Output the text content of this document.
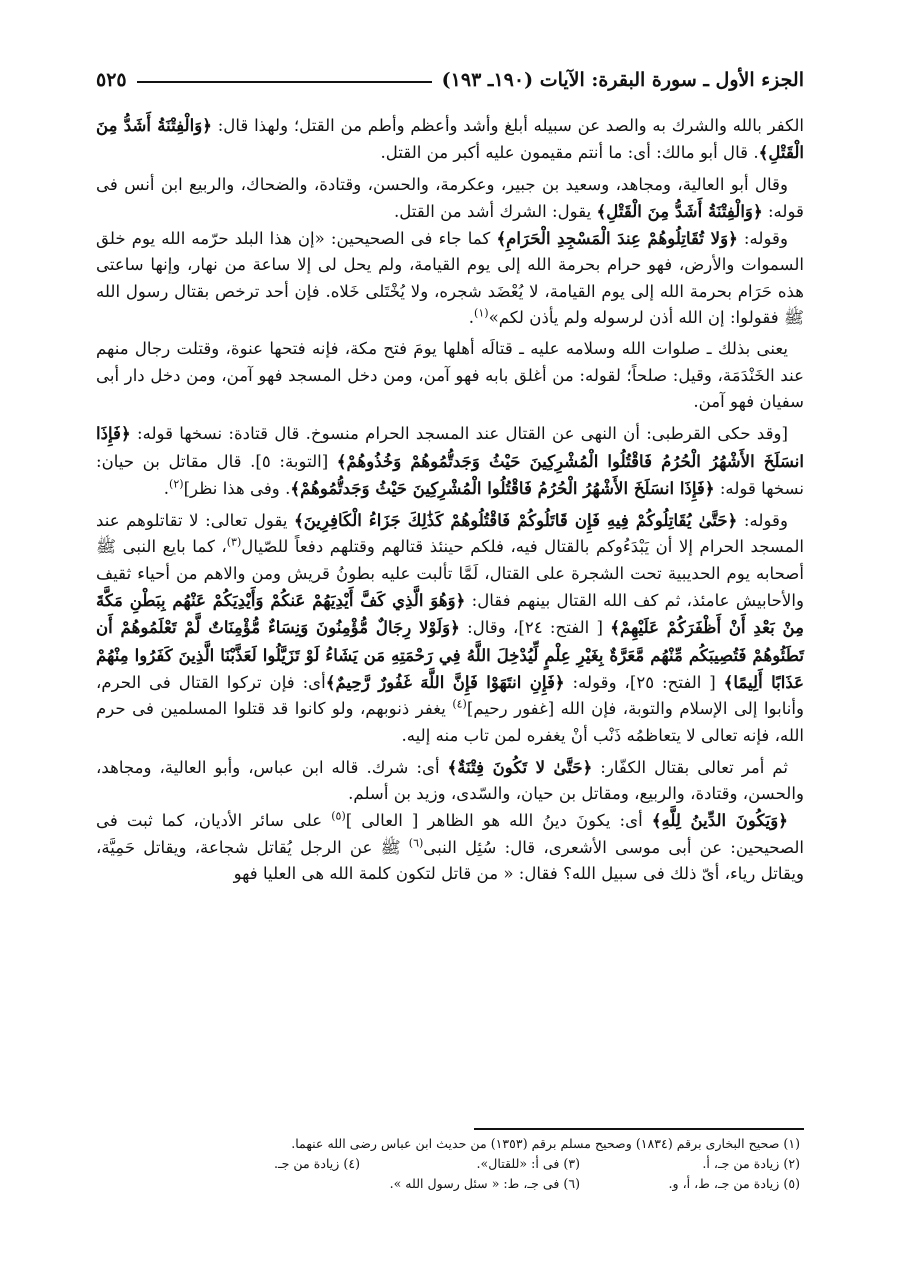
الجزء الأول ـ سورة البقرة: الآيات (١٩٠ـ ١٩٣)
٥٢٥

الكفر بالله والشرك به والصد عن سبيله أبلغ وأشد وأعظم وأطم من القتل؛ ولهذا قال: ﴿وَالْفِتْنَةُ أَشَدُّ مِنَ الْقَتْلِ﴾. قال أبو مالك: أى: ما أنتم مقيمون عليه أكبر من القتل.

وقال أبو العالية، ومجاهد، وسعيد بن جبير، وعكرمة، والحسن، وقتادة، والضحاك، والربيع ابن أنس فى قوله: ﴿وَالْفِتْنَةُ أَشَدُّ مِنَ الْقَتْلِ﴾ يقول: الشرك أشد من القتل.

وقوله: ﴿وَلا تُقَاتِلُوهُمْ عِندَ الْمَسْجِدِ الْحَرَامِ﴾ كما جاء فى الصحيحين: «إن هذا البلد حرّمه الله يوم خلق السموات والأرض، فهو حرام بحرمة الله إلى يوم القيامة، ولم يحل لى إلا ساعة من نهار، وإنها ساعتى هذه حَرَام بحرمة الله إلى يوم القيامة، لا يُعْضَد شجره، ولا يُخْتَلى خَلاه. فإن أحد ترخص بقتال رسول الله ﷺ فقولوا: إن الله أذن لرسوله ولم يأذن لكم»$^{(١)}$.

يعنى بذلك ـ صلوات الله وسلامه عليه ـ قتالَه أهلها يومَ فتح مكة، فإنه فتحها عنوة، وقتلت رجال منهم عند الخَنْدَمَة، وقيل: صلحاً؛ لقوله: من أغلق بابه فهو آمن، ومن دخل المسجد فهو آمن، ومن دخل دار أبى سفيان فهو آمن.

[وقد حكى القرطبى: أن النهى عن القتال عند المسجد الحرام منسوخ. قال قتادة: نسخها قوله: ﴿فَإِذَا انسَلَخَ الأَشْهُرُ الْحُرُمُ فَاقْتُلُوا الْمُشْرِكِينَ حَيْثُ وَجَدتُّمُوهُمْ وَخُذُوهُمْ﴾ [التوبة: ٥]. قال مقاتل بن حيان: نسخها قوله: ﴿فَإِذَا انسَلَخَ الأَشْهُرُ الْحُرُمُ فَاقْتُلُوا الْمُشْرِكِينَ حَيْثُ وَجَدتُّمُوهُمْ﴾. وفى هذا نظر]$^{(٢)}$.

وقوله: ﴿حَتَّىٰ يُقَاتِلُوكُمْ فِيهِ فَإِن قَاتَلُوكُمْ فَاقْتُلُوهُمْ كَذَٰلِكَ جَزَاءُ الْكَافِرِينَ﴾ يقول تعالى: لا تقاتلوهم عند المسجد الحرام إلا أن يَبْدَءُوكم بالقتال فيه، فلكم حينئذ قتالهم وقتلهم دفعاً للصّيال$^{(٣)}$، كما بايع النبى ﷺ أصحابه يوم الحديبية تحت الشجرة على القتال، لَمَّا تألبت عليه بطونُ قريش ومن والاهم من أحياء ثقيف والأحابيش عامئذ، ثم كف الله القتال بينهم فقال: ﴿وَهُوَ الَّذِي كَفَّ أَيْدِيَهُمْ عَنكُمْ وَأَيْدِيَكُمْ عَنْهُم بِبَطْنِ مَكَّةَ مِنْ بَعْدِ أَنْ أَظْفَرَكُمْ عَلَيْهِمْ﴾ [ الفتح: ٢٤]، وقال: ﴿وَلَوْلا رِجَالٌ مُّؤْمِنُونَ وَنِسَاءٌ مُّؤْمِنَاتٌ لَّمْ تَعْلَمُوهُمْ أَن تَطَئُوهُمْ فَتُصِيبَكُم مِّنْهُم مَّعَرَّةٌ بِغَيْرِ عِلْمٍ لِّيُدْخِلَ اللَّهُ فِي رَحْمَتِهِ مَن يَشَاءُ لَوْ تَزَيَّلُوا لَعَذَّبْنَا الَّذِينَ كَفَرُوا مِنْهُمْ عَذَابًا أَلِيمًا﴾ [ الفتح: ٢٥]، وقوله: ﴿فَإِنِ انتَهَوْا فَإِنَّ اللَّهَ غَفُورٌ رَّحِيمٌ﴾أى: فإن تركوا القتال فى الحرم، وأنابوا إلى الإسلام والتوبة، فإن الله [غفور رحيم]$^{(٤)}$ يغفر ذنوبهم، ولو كانوا قد قتلوا المسلمين فى حرم الله، فإنه تعالى لا يتعاظمُه ذَنْب أنْ يغفره لمن تاب منه إليه.

ثم أمر تعالى بقتال الكفّار: ﴿حَتَّىٰ لا تَكُونَ فِتْنَةٌ﴾ أى: شرك. قاله ابن عباس، وأبو العالية، ومجاهد، والحسن، وقتادة، والربيع، ومقاتل بن حيان، والسّدى، وزيد بن أسلم.

﴿وَيَكُونَ الدِّينُ لِلَّهِ﴾ أى: يكونَ دينُ الله هو الظاهر [ العالى ]$^{(٥)}$ على سائر الأديان، كما ثبت فى الصحيحين: عن أبى موسى الأشعرى، قال: سُئِل النبى$^{(٦)}$ ﷺ عن الرجل يُقاتل شجاعة، ويقاتل حَمِيَّة، ويقاتل رياء، أىّ ذلك فى سبيل الله؟ فقال: « من قاتل لتكون كلمة الله هى العليا فهو

(١) صحيح البخارى برقم (١٨٣٤) وصحيح مسلم برقم (١٣٥٣) من حديث ابن عباس رضى الله عنهما.
(٢) زيادة من جـ، أ.
(٣) فى أ: «للقتال».
(٤) زيادة من جـ.
(٥) زيادة من جـ، ط، أ، و.
(٦) فى جـ، ط: « سئل رسول الله ».
